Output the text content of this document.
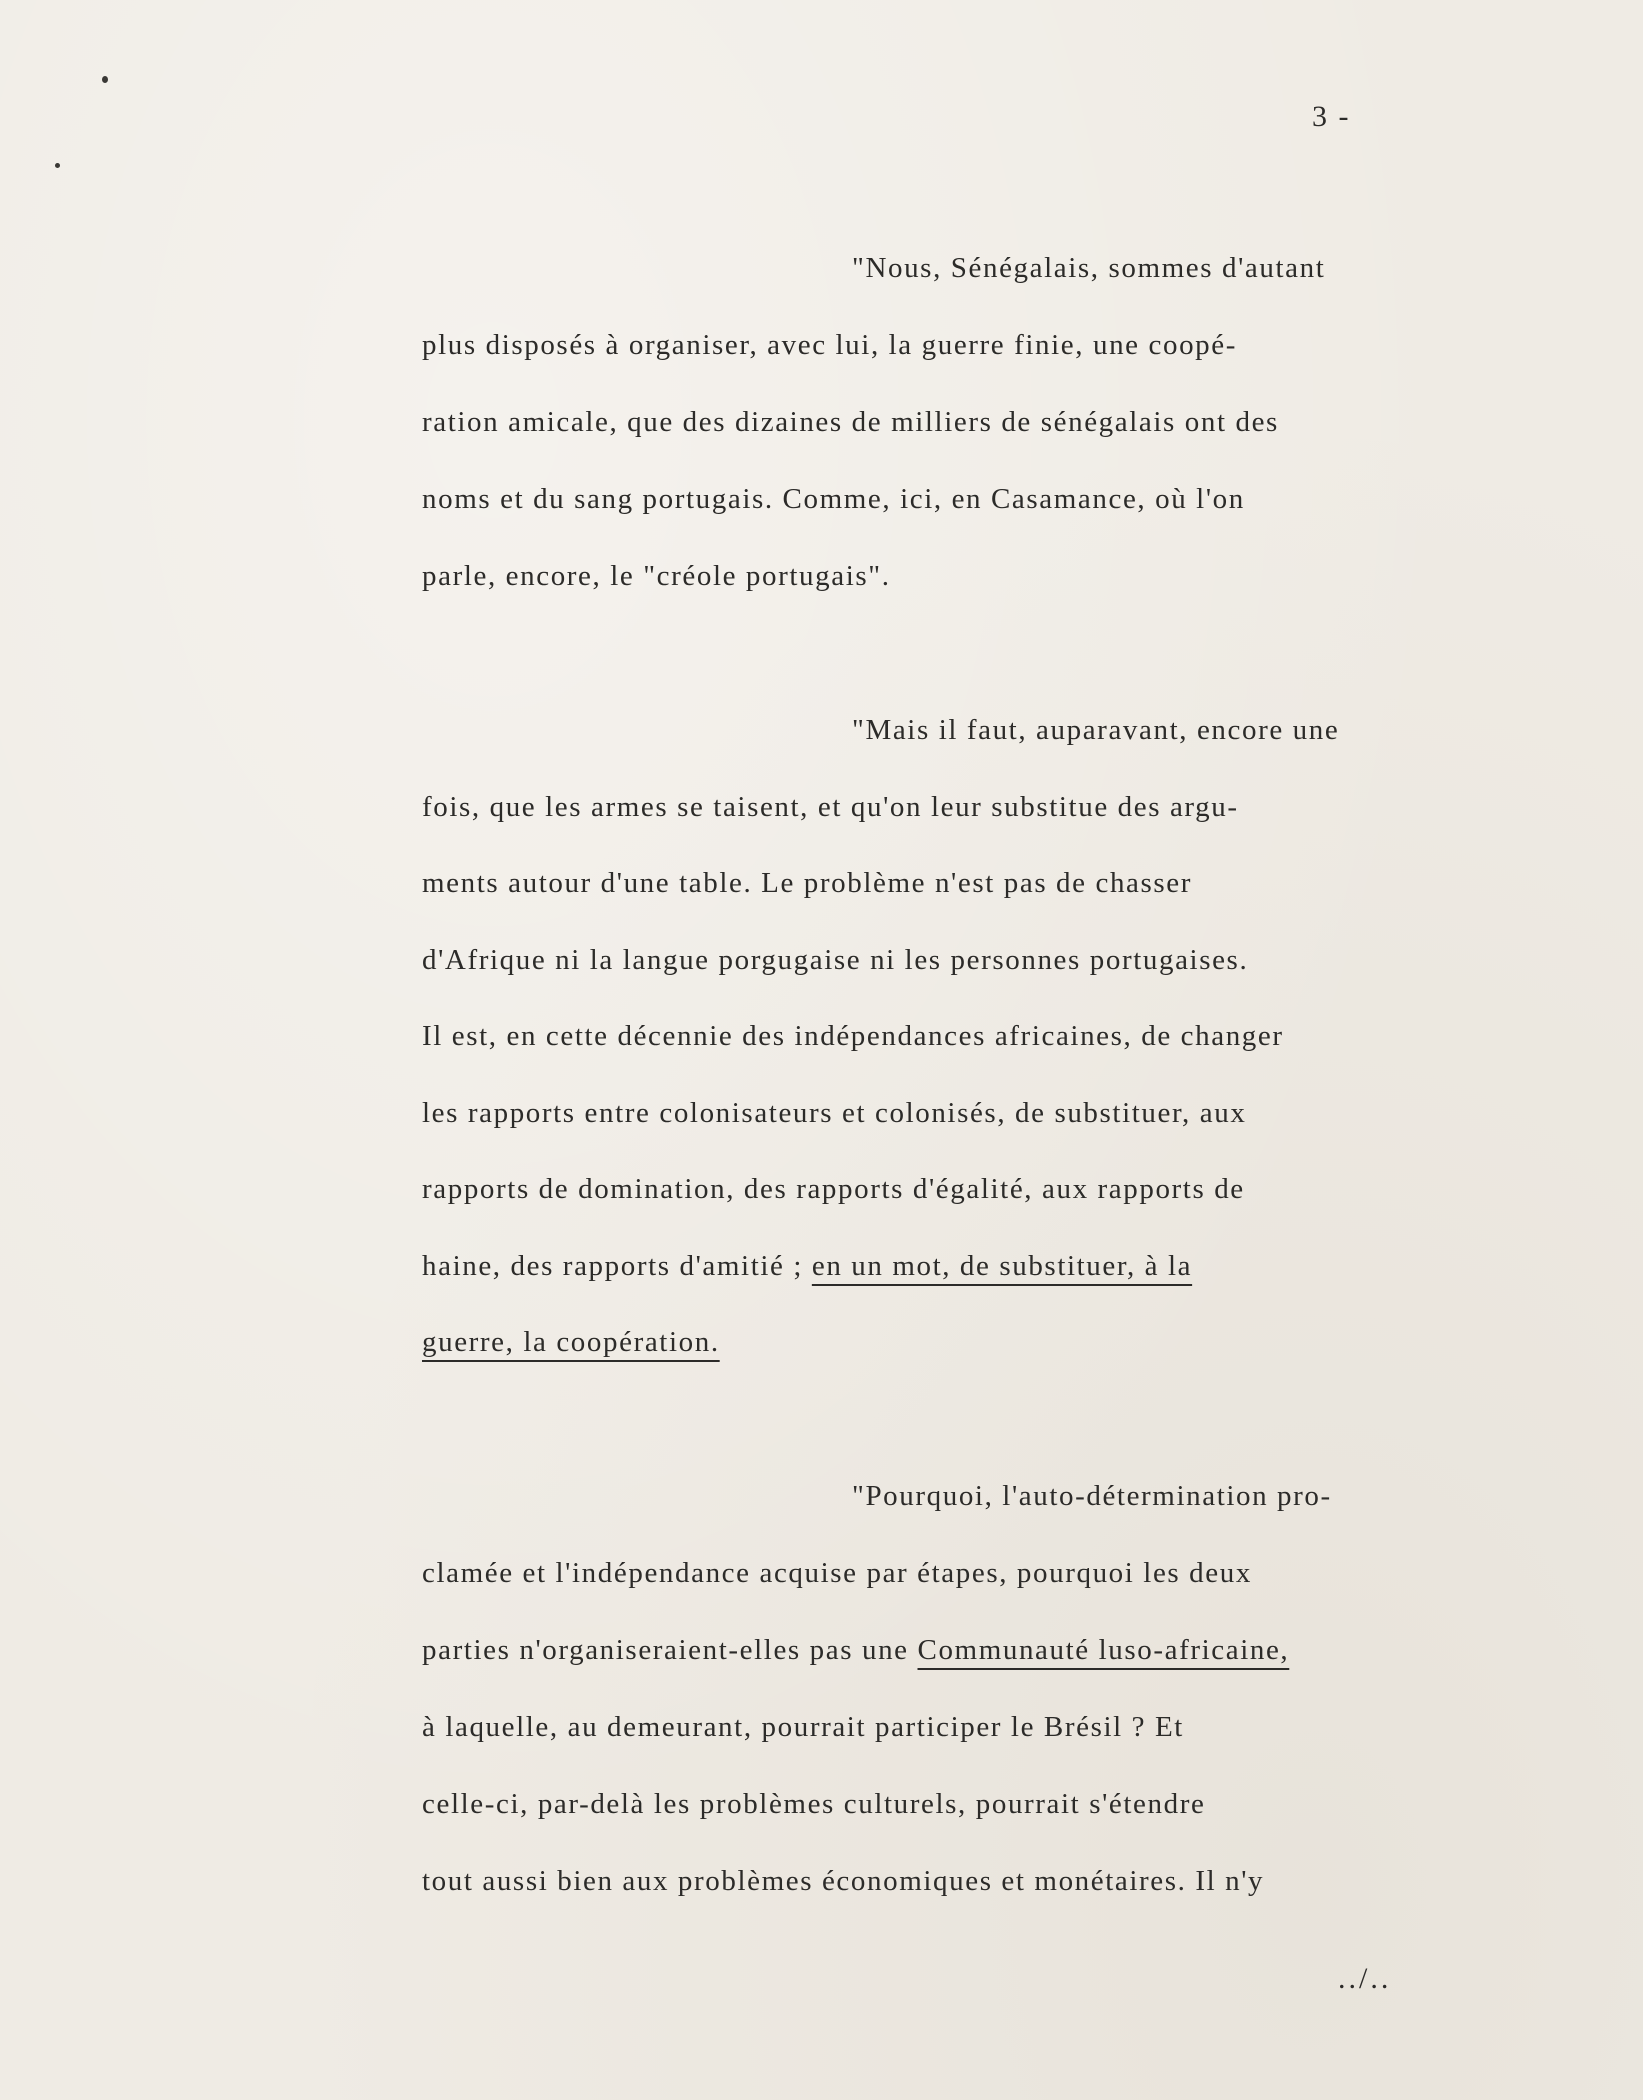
3 -
"Nous, Sénégalais, sommes d'autant
plus disposés à organiser, avec lui, la guerre finie, une coopé-
ration amicale, que des dizaines de milliers de sénégalais ont des
noms et du sang portugais. Comme, ici, en Casamance, où l'on
parle, encore, le "créole portugais".
"Mais il faut, auparavant, encore une
fois, que les armes se taisent, et qu'on leur substitue des argu-
ments autour d'une table. Le problème n'est pas de chasser
d'Afrique ni la langue porgugaise ni les personnes portugaises.
Il est, en cette décennie des indépendances africaines, de changer
les rapports entre colonisateurs et colonisés, de substituer, aux
rapports de domination, des rapports d'égalité, aux rapports de
haine, des rapports d'amitié ; en un mot, de substituer, à la
guerre, la coopération.
"Pourquoi, l'auto-détermination pro-
clamée et l'indépendance acquise par étapes, pourquoi les deux
parties n'organiseraient-elles pas une Communauté luso-africaine,
à laquelle, au demeurant, pourrait participer le Brésil ? Et
celle-ci, par-delà les problèmes culturels, pourrait s'étendre
tout aussi bien aux problèmes économiques et monétaires. Il n'y
../..
